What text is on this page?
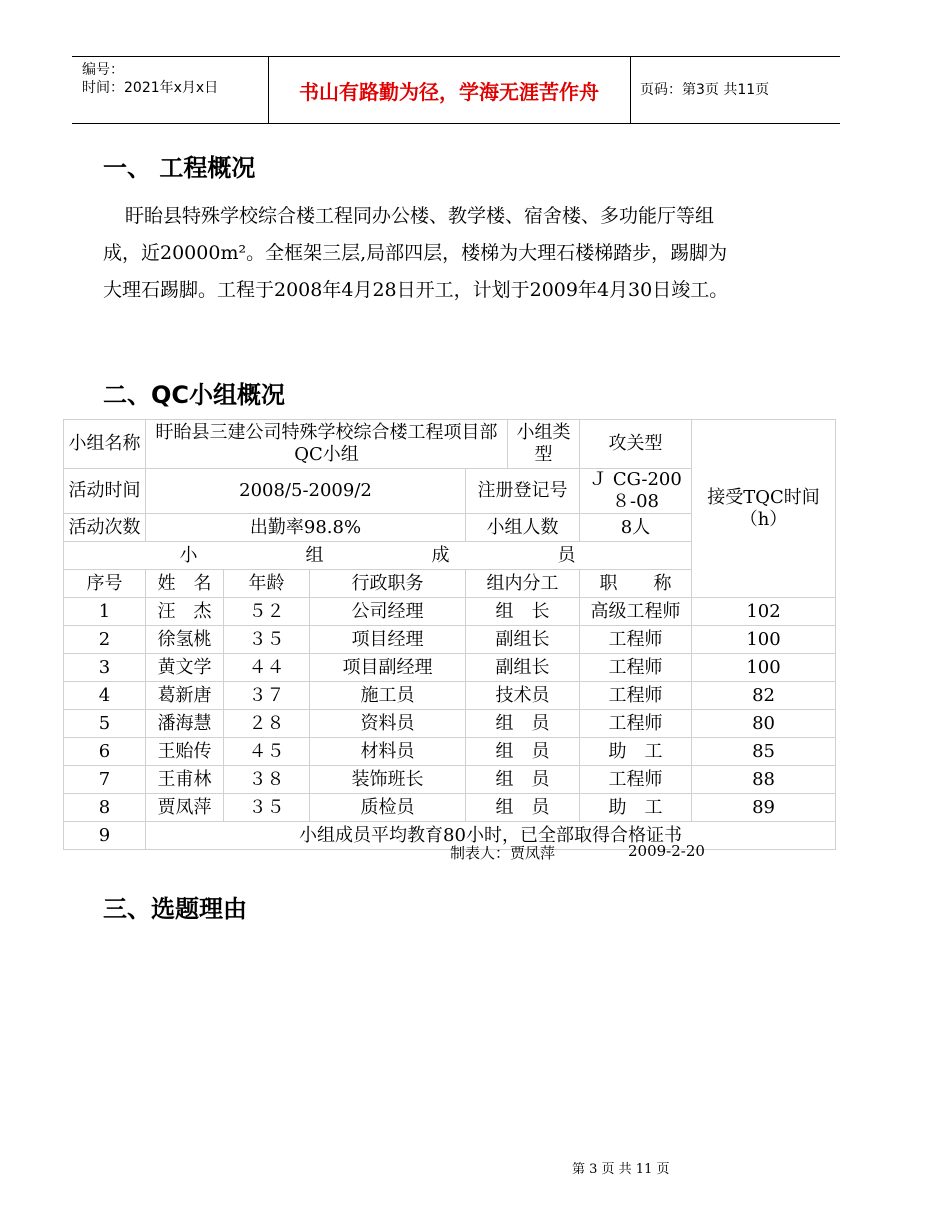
编号：
时间：2021年x月x日	书山有路勤为径，学海无涯苦作舟	页码：第3页 共11页
一、 工程概况

盱眙县特殊学校综合楼工程同办公楼、教学楼、宿舍楼、多功能厅等组

成，近20000m²。全框架三层,局部四层，楼梯为大理石楼梯踏步，踢脚为

大理石踢脚。工程于2008年4月28日开工，计划于2009年4月30日竣工。

二、QC小组概况
小组名称	盱眙县三建公司特殊学校综合楼工程项目部QC小组				小组类型	攻关型	接受TQC时间（h）
活动时间	2008/5-2009/2			注册登记号		Ｊ CG-200 ８-08	
活动次数	出勤率98.8%			小组人数		8人	
小　　　　　　组　　　　　　成　　　　　　员							
序号	姓　名	年龄	行政职务	组内分工		职　　称	
1	汪　杰	５２	公司经理	组　长		高级工程师	102
2	徐氢桃	３５	项目经理	副组长		工程师	100
3	黄文学	４４	项目副经理	副组长		工程师	100
4	葛新唐	３７	施工员	技术员		工程师	82
5	潘海慧	２８	资料员	组　员		工程师	80
6	王贻传	４５	材料员	组　员		助　工	85
7	王甫林	３８	装饰班长	组　员		工程师	88
8	贾凤萍	３５	质检员	组　员		助　工	89
9	小组成员平均教育80小时，已全部取得合格证书						
制表人：贾凤萍	2009-2-20
三、选题理由
第 3 页 共 11 页
